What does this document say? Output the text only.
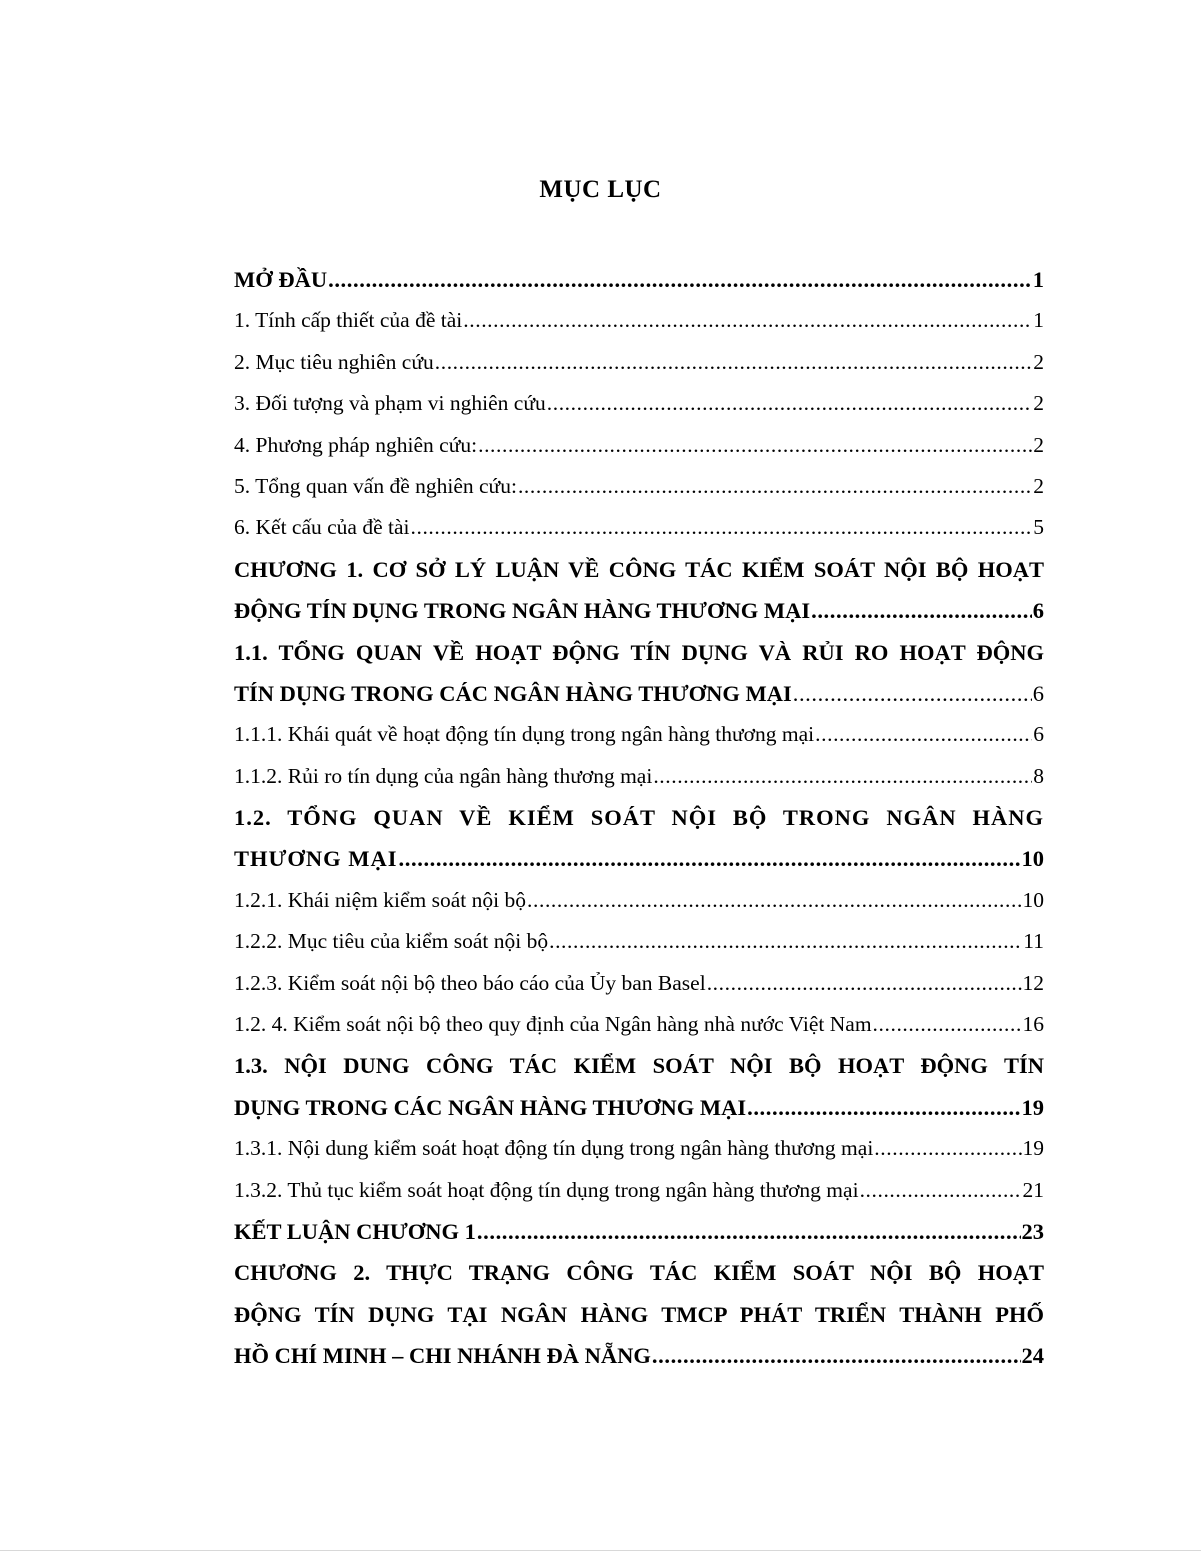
MỤC LỤC
MỞ ĐẦU .....	1
1. Tính cấp thiết của đề tài .....	1
2. Mục tiêu nghiên cứu .....	2
3. Đối tượng và phạm vi nghiên cứu .....	2
4. Phương pháp nghiên cứu: .....	2
5. Tổng quan vấn đề nghiên cứu: .....	2
6. Kết cấu của đề tài .....	5
CHƯƠNG 1. CƠ SỞ LÝ LUẬN VỀ CÔNG TÁC KIỂM SOÁT NỘI BỘ HOẠT
ĐỘNG TÍN DỤNG TRONG NGÂN HÀNG THƯƠNG MẠI .....	6
1.1. TỔNG QUAN VỀ HOẠT ĐỘNG TÍN DỤNG VÀ RỦI RO HOẠT ĐỘNG
TÍN DỤNG TRONG CÁC NGÂN HÀNG THƯƠNG MẠI .....	6
1.1.1. Khái quát về hoạt động tín dụng trong ngân hàng thương mại .....	6
1.1.2. Rủi ro tín dụng của ngân hàng thương mại .....	8
1.2. TỔNG QUAN VỀ KIỂM SOÁT NỘI BỘ TRONG NGÂN HÀNG
THƯƠNG MẠI .....	10
1.2.1. Khái niệm kiểm soát nội bộ .....	10
1.2.2. Mục tiêu của kiểm soát nội bộ .....	11
1.2.3. Kiểm soát nội bộ theo báo cáo của Ủy ban Basel .....	12
1.2. 4. Kiểm soát nội bộ theo quy định của Ngân hàng nhà nước Việt Nam .....	16
1.3. NỘI DUNG CÔNG TÁC KIỂM SOÁT NỘI BỘ HOẠT ĐỘNG TÍN
DỤNG TRONG CÁC NGÂN HÀNG THƯƠNG MẠI .....	19
1.3.1. Nội dung kiểm soát hoạt động tín dụng trong ngân hàng thương mại .....	19
1.3.2. Thủ tục kiểm soát hoạt động tín dụng trong ngân hàng thương mại .....	21
KẾT LUẬN CHƯƠNG 1 .....	23
CHƯƠNG 2. THỰC TRẠNG CÔNG TÁC KIỂM SOÁT NỘI BỘ HOẠT
ĐỘNG TÍN DỤNG TẠI NGÂN HÀNG TMCP PHÁT TRIỂN THÀNH PHỐ
HỒ CHÍ MINH – CHI NHÁNH ĐÀ NẴNG .....	24
